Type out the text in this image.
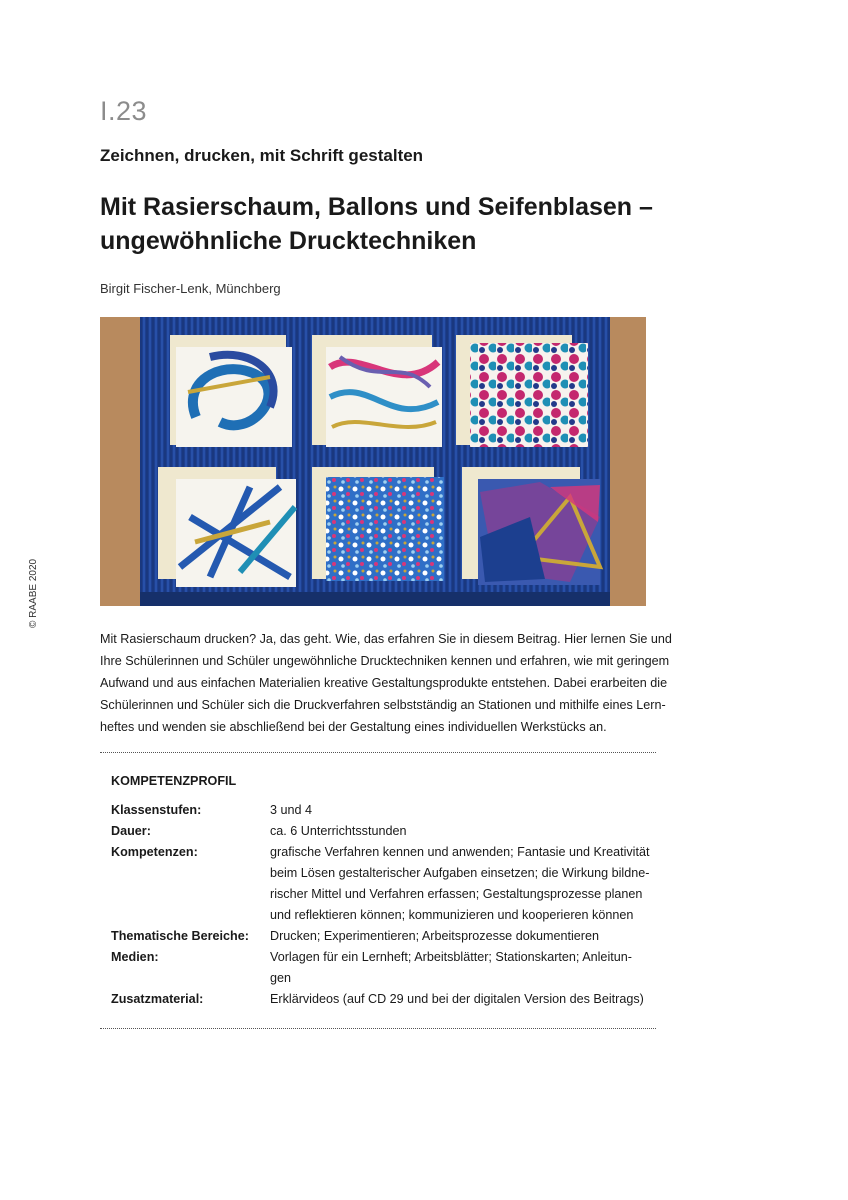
I.23
Zeichnen, drucken, mit Schrift gestalten
Mit Rasierschaum, Ballons und Seifenblasen –
ungewöhnliche Drucktechniken
Birgit Fischer-Lenk, Münchberg
© RAABE 2020
Mit Rasierschaum drucken? Ja, das geht. Wie, das erfahren Sie in diesem Beitrag. Hier lernen Sie und
Ihre Schülerinnen und Schüler ungewöhnliche Drucktechniken kennen und erfahren, wie mit geringem
Aufwand und aus einfachen Materialien kreative Gestaltungsprodukte entstehen. Dabei erarbeiten die
Schülerinnen und Schüler sich die Druckverfahren selbstständig an Stationen und mithilfe eines Lern-
heftes und wenden sie abschließend bei der Gestaltung eines individuellen Werkstücks an.
KOMPETENZPROFIL
Klassenstufen:	3 und 4
Dauer:	ca. 6 Unterrichtsstunden
Kompetenzen:	grafische Verfahren kennen und anwenden; Fantasie und Kreativität
beim Lösen gestalterischer Aufgaben einsetzen; die Wirkung bildne-
rischer Mittel und Verfahren erfassen; Gestaltungsprozesse planen
und reflektieren können; kommunizieren und kooperieren können
Thematische Bereiche:	Drucken; Experimentieren; Arbeitsprozesse dokumentieren
Medien:	Vorlagen für ein Lernheft; Arbeitsblätter; Stationskarten; Anleitun-
gen
Zusatzmaterial:	Erklärvideos (auf CD 29 und bei der digitalen Version des Beitrags)
